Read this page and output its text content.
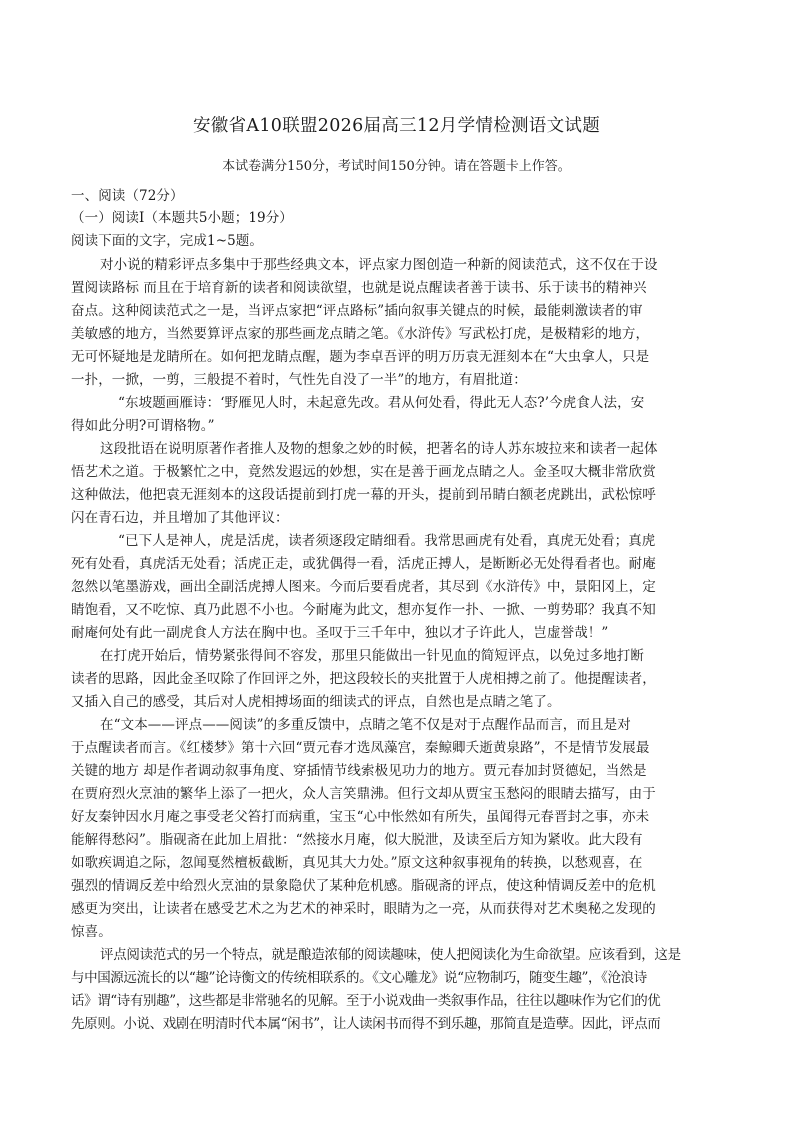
安徽省A10联盟2026届高三12月学情检测语文试题
本试卷满分150分，考试时间150分钟。请在答题卡上作答。
一、阅读（72分）
（一）阅读Ⅰ（本题共5小题；19分）
阅读下面的文字，完成1~5题。
对小说的精彩评点多集中于那些经典文本，评点家力图创造一种新的阅读范式，这不仅在于设
置阅读路标 而且在于培育新的读者和阅读欲望，也就是说点醒读者善于读书、乐于读书的精神兴
奋点。这种阅读范式之一是，当评点家把“评点路标”插向叙事关键点的时候，最能刺激读者的审
美敏感的地方，当然要算评点家的那些画龙点睛之笔。《水浒传》写武松打虎，是极精彩的地方，
无可怀疑地是龙睛所在。如何把龙睛点醒，题为李卓吾评的明万历袁无涯刻本在“大虫拿人，只是
一扑，一掀，一剪，三般提不着时，气性先自没了一半”的地方，有眉批道：
“东坡题画雁诗：‘野雁见人时，未起意先改。君从何处看，得此无人态?’今虎食人法，安
得如此分明?可谓格物。”
这段批语在说明原著作者推人及物的想象之妙的时候，把著名的诗人苏东坡拉来和读者一起体
悟艺术之道。于极繁忙之中，竟然发遐远的妙想，实在是善于画龙点睛之人。金圣叹大概非常欣赏
这种做法，他把袁无涯刻本的这段话提前到打虎一幕的开头，提前到吊睛白额老虎跳出，武松惊呼
闪在青石边，并且增加了其他评议：
“已下人是神人，虎是活虎，读者须逐段定睛细看。我常思画虎有处看，真虎无处看；真虎
死有处看，真虎活无处看；活虎正走，或犹偶得一看，活虎正搏人，是断断必无处得看者也。耐庵
忽然以笔墨游戏，画出全副活虎搏人图来。今而后要看虎者，其尽到《水浒传》中，景阳冈上，定
睛饱看，又不吃惊、真乃此恩不小也。今耐庵为此文，想亦复作一扑、一掀、一剪势耶？我真不知
耐庵何处有此一副虎食人方法在胸中也。圣叹于三千年中，独以才子许此人，岂虚誉哉！”
在打虎开始后，情势紧张得间不容发，那里只能做出一针见血的简短评点，以免过多地打断
读者的思路，因此金圣叹除了作回评之外，把这段较长的夹批置于人虎相搏之前了。他提醒读者，
又插入自己的感受，其后对人虎相搏场面的细读式的评点，自然也是点睛之笔了。
在“文本——评点——阅读”的多重反馈中，点睛之笔不仅是对于点醒作品而言，而且是对
于点醒读者而言。《红楼梦》第十六回“贾元春才选凤藻宫，秦鲸卿夭逝黄泉路”，不是情节发展最
关键的地方 却是作者调动叙事角度、穿插情节线索极见功力的地方。贾元春加封贤德妃，当然是
在贾府烈火烹油的繁华上添了一把火，众人言笑鼎沸。但行文却从贾宝玉愁闷的眼睛去描写，由于
好友秦钟因水月庵之事受老父笞打而病重，宝玉“心中怅然如有所失，虽闻得元春晋封之事，亦未
能解得愁闷”。脂砚斋在此加上眉批：“然接水月庵，似大脱泄，及读至后方知为紧收。此大段有
如歌疾调追之际，忽闻戛然檀板截断，真见其大力处。”原文这种叙事视角的转换，以愁观喜，在
强烈的情调反差中给烈火烹油的景象隐伏了某种危机感。脂砚斋的评点，使这种情调反差中的危机
感更为突出，让读者在感受艺术之为艺术的神采时，眼睛为之一亮，从而获得对艺术奥秘之发现的
惊喜。
评点阅读范式的另一个特点，就是酿造浓郁的阅读趣味，使人把阅读化为生命欲望。应该看到，这是
与中国源远流长的以“趣”论诗衡文的传统相联系的。《文心雕龙》说“应物制巧，随变生趣”，《沧浪诗
话》谓“诗有别趣”，这些都是非常驰名的见解。至于小说戏曲一类叙事作品，往往以趣味作为它们的优
先原则。小说、戏剧在明清时代本属“闲书”，让人读闲书而得不到乐趣，那简直是造孽。因此，评点而
